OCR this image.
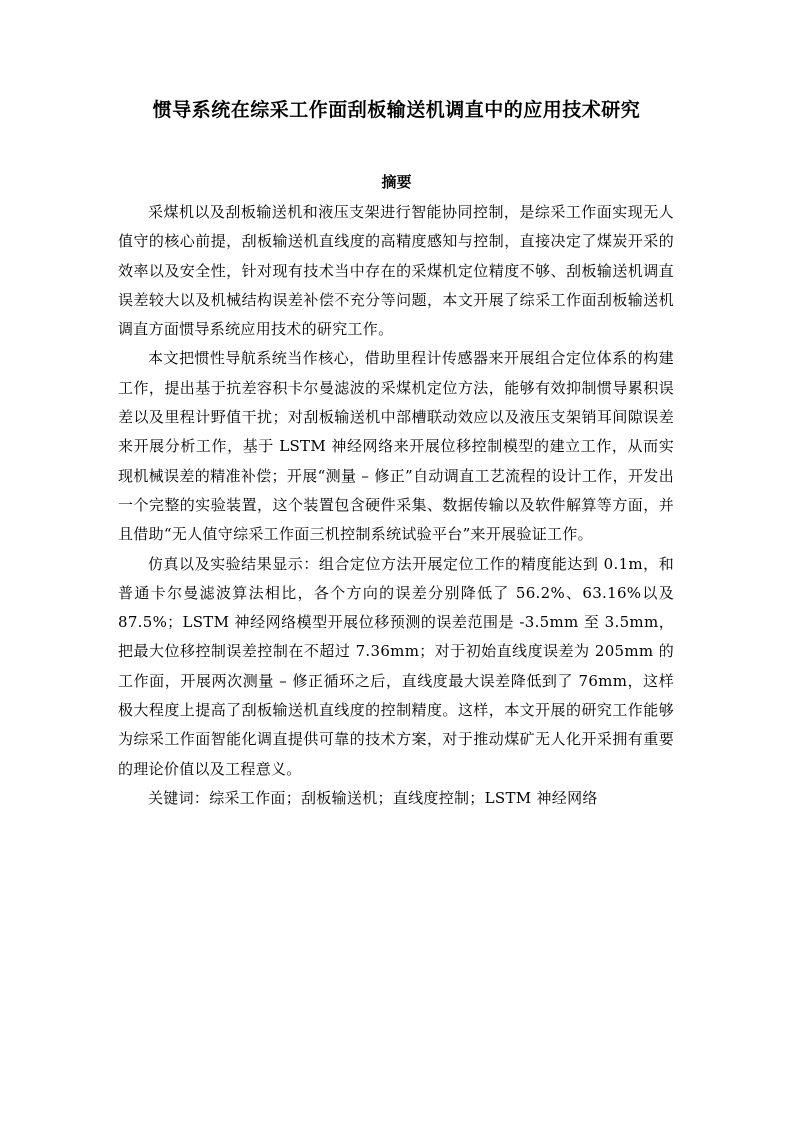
惯导系统在综采工作面刮板输送机调直中的应用技术研究
摘要

采煤机以及刮板输送机和液压支架进行智能协同控制，是综采工作面实现无人值守的核心前提，刮板输送机直线度的高精度感知与控制，直接决定了煤炭开采的效率以及安全性，针对现有技术当中存在的采煤机定位精度不够、刮板输送机调直误差较大以及机械结构误差补偿不充分等问题，本文开展了综采工作面刮板输送机调直方面惯导系统应用技术的研究工作。

本文把惯性导航系统当作核心，借助里程计传感器来开展组合定位体系的构建工作，提出基于抗差容积卡尔曼滤波的采煤机定位方法，能够有效抑制惯导累积误差以及里程计野值干扰；对刮板输送机中部槽联动效应以及液压支架销耳间隙误差来开展分析工作，基于 LSTM 神经网络来开展位移控制模型的建立工作，从而实现机械误差的精准补偿；开展“测量 – 修正”自动调直工艺流程的设计工作，开发出一个完整的实验装置，这个装置包含硬件采集、数据传输以及软件解算等方面，并且借助“无人值守综采工作面三机控制系统试验平台”来开展验证工作。

仿真以及实验结果显示：组合定位方法开展定位工作的精度能达到 0.1m，和普通卡尔曼滤波算法相比，各个方向的误差分别降低了 56.2%、63.16%以及 87.5%；LSTM 神经网络模型开展位移预测的误差范围是 -3.5mm 至 3.5mm，把最大位移控制误差控制在不超过 7.36mm；对于初始直线度误差为 205mm 的工作面，开展两次测量 – 修正循环之后，直线度最大误差降低到了 76mm，这样极大程度上提高了刮板输送机直线度的控制精度。这样，本文开展的研究工作能够为综采工作面智能化调直提供可靠的技术方案，对于推动煤矿无人化开采拥有重要的理论价值以及工程意义。

关键词：综采工作面；刮板输送机；直线度控制；LSTM 神经网络
